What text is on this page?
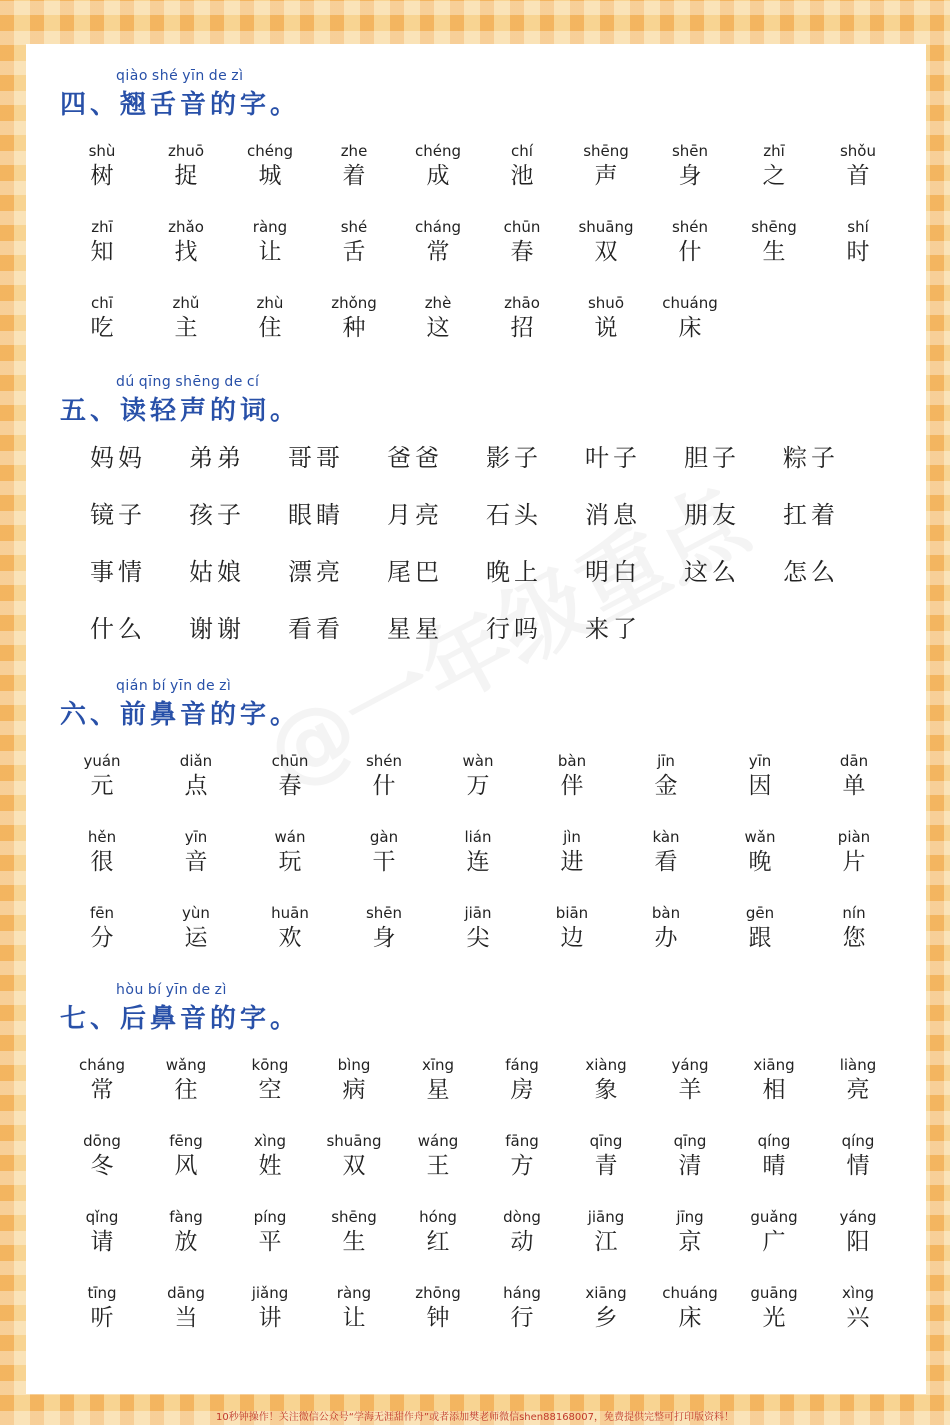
qiào shé yīn de zì
四、翘舌音的字。
shù
树
zhuō
捉
chéng
城
zhe
着
chéng
成
chí
池
shēng
声
shēn
身
zhī
之
shǒu
首
zhī
知
zhǎo
找
ràng
让
shé
舌
cháng
常
chūn
春
shuāng
双
shén
什
shēng
生
shí
时
chī
吃
zhǔ
主
zhù
住
zhǒng
种
zhè
这
zhāo
招
shuō
说
chuáng
床
dú qīng shēng de cí
五、读轻声的词。
妈妈 弟弟 哥哥 爸爸 影子 叶子 胆子 粽子
镜子 孩子 眼睛 月亮 石头 消息 朋友 扛着
事情 姑娘 漂亮 尾巴 晚上 明白 这么 怎么
什么 谢谢 看看 星星 行吗 来了
qián bí yīn de zì
六、前鼻音的字。
yuán
元
diǎn
点
chūn
春
shén
什
wàn
万
bàn
伴
jīn
金
yīn
因
dān
单
hěn
很
yīn
音
wán
玩
gàn
干
lián
连
jìn
进
kàn
看
wǎn
晚
piàn
片
fēn
分
yùn
运
huān
欢
shēn
身
jiān
尖
biān
边
bàn
办
gēn
跟
nín
您
hòu bí yīn de zì
七、后鼻音的字。
cháng
常
wǎng
往
kōng
空
bìng
病
xīng
星
fáng
房
xiàng
象
yáng
羊
xiāng
相
liàng
亮
dōng
冬
fēng
风
xìng
姓
shuāng
双
wáng
王
fāng
方
qīng
青
qīng
清
qíng
晴
qíng
情
qǐng
请
fàng
放
píng
平
shēng
生
hóng
红
dòng
动
jiāng
江
jīng
京
guǎng
广
yáng
阳
tīng
听
dāng
当
jiǎng
讲
ràng
让
zhōng
钟
háng
行
xiāng
乡
chuáng
床
guāng
光
xìng
兴
10秒钟操作！关注微信公众号“学海无涯甜作舟”或者添加樊老师微信shen88168007，免费提供完整可打印版资料！
